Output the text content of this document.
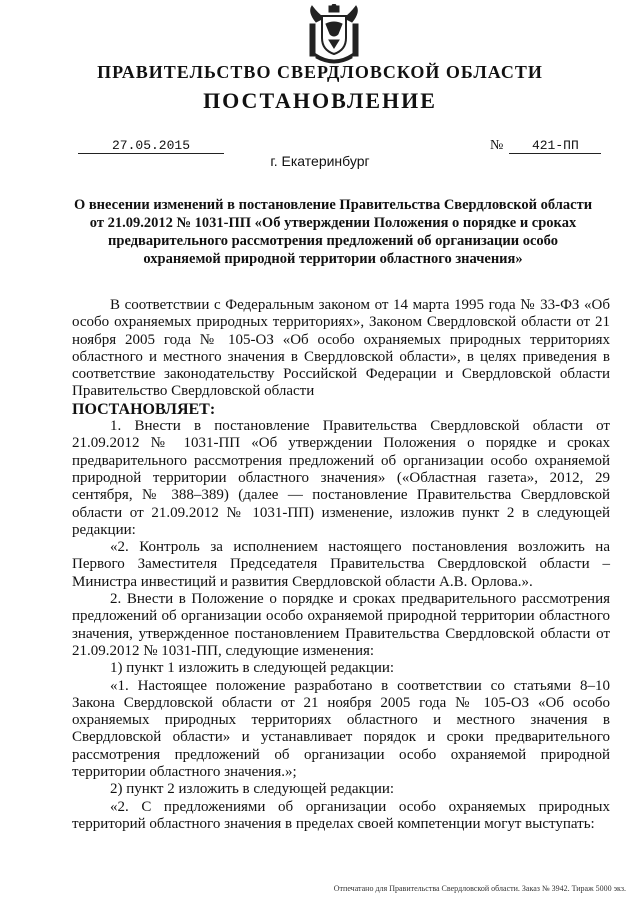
ПРАВИТЕЛЬСТВО СВЕРДЛОВСКОЙ ОБЛАСТИ
ПОСТАНОВЛЕНИЕ
27.05.2015	№ 421-ПП
г. Екатеринбург
О внесении изменений в постановление Правительства Свердловской области от 21.09.2012 № 1031-ПП «Об утверждении Положения о порядке и сроках предварительного рассмотрения предложений об организации особо охраняемой природной территории областного значения»

В соответствии с Федеральным законом от 14 марта 1995 года № 33-ФЗ «Об особо охраняемых природных территориях», Законом Свердловской области от 21 ноября 2005 года № 105-ОЗ «Об особо охраняемых природных территориях областного и местного значения в Свердловской области», в целях приведения в соответствие законодательству Российской Федерации и Свердловской области Правительство Свердловской области

ПОСТАНОВЛЯЕТ:

1. Внести в постановление Правительства Свердловской области от 21.09.2012 № 1031-ПП «Об утверждении Положения о порядке и сроках предварительного рассмотрения предложений об организации особо охраняемой природной территории областного значения» («Областная газета», 2012, 29 сентября, № 388–389) (далее — постановление Правительства Свердловской области от 21.09.2012 № 1031-ПП) изменение, изложив пункт 2 в следующей редакции:

«2. Контроль за исполнением настоящего постановления возложить на Первого Заместителя Председателя Правительства Свердловской области – Министра инвестиций и развития Свердловской области А.В. Орлова.».

2. Внести в Положение о порядке и сроках предварительного рассмотрения предложений об организации особо охраняемой природной территории областного значения, утвержденное постановлением Правительства Свердловской области от 21.09.2012 № 1031-ПП, следующие изменения:

1) пункт 1 изложить в следующей редакции:

«1. Настоящее положение разработано в соответствии со статьями 8–10 Закона Свердловской области от 21 ноября 2005 года № 105-ОЗ «Об особо охраняемых природных территориях областного и местного значения в Свердловской области» и устанавливает порядок и сроки предварительного рассмотрения предложений об организации особо охраняемой природной территории областного значения.»;

2) пункт 2 изложить в следующей редакции:

«2. С предложениями об организации особо охраняемых природных территорий областного значения в пределах своей компетенции могут выступать:

Отпечатано для Правительства Свердловской области. Заказ № 3942. Тираж 5000 экз.
